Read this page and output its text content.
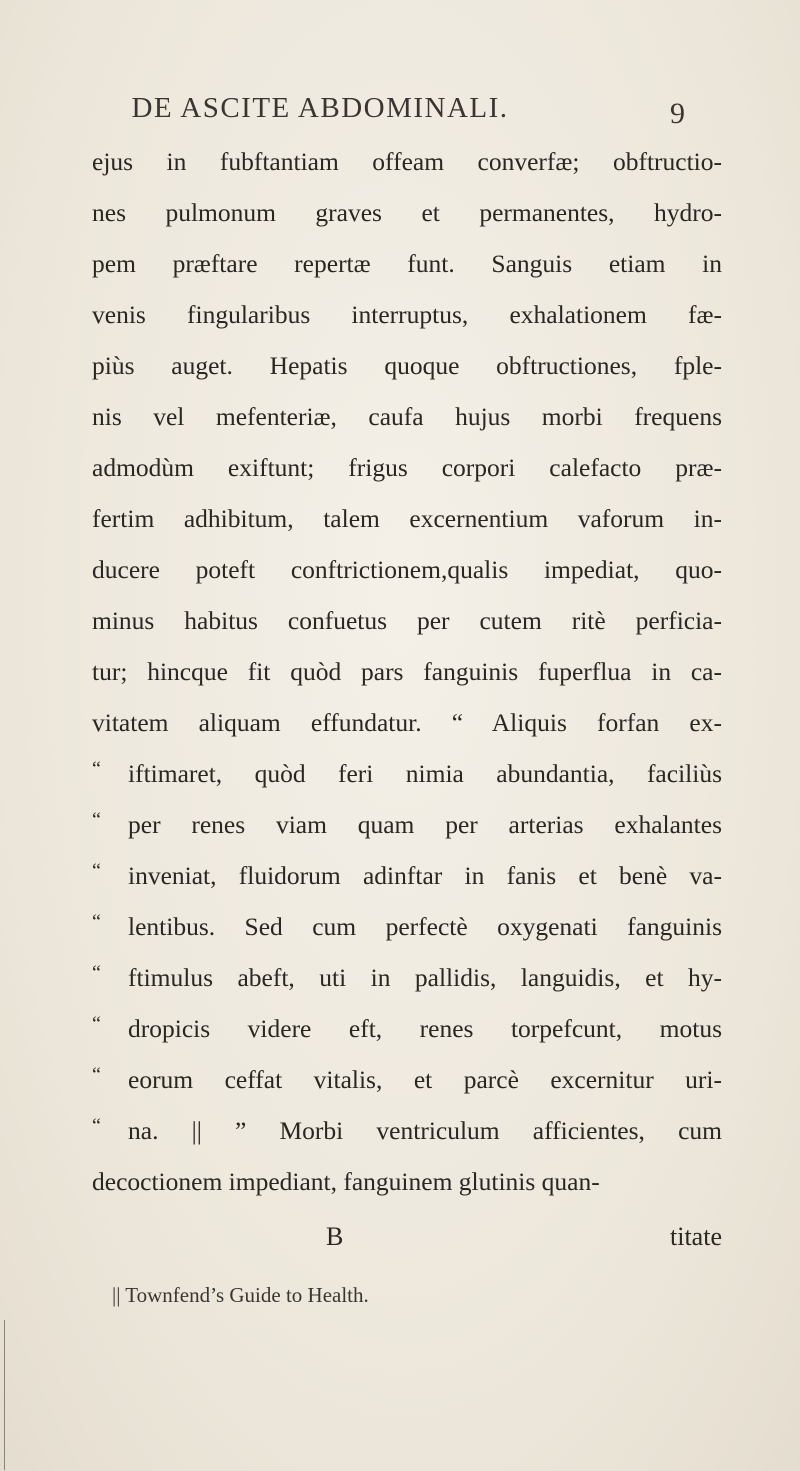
DE ASCITE ABDOMINALI.	9
ejus in fubftantiam offeam converfæ; obftructio-
nes pulmonum graves et permanentes, hydro-
pem præftare repertæ funt. Sanguis etiam in
venis fingularibus interruptus, exhalationem fæ-
piùs auget. Hepatis quoque obftructiones, fple-
nis vel mefenteriæ, caufa hujus morbi frequens
admodùm exiftunt; frigus corpori calefacto præ-
fertim adhibitum, talem excernentium vaforum in-
ducere poteft conftrictionem,qualis impediat, quo-
minus habitus confuetus per cutem ritè perficia-
tur; hincque fit quòd pars fanguinis fuperflua in ca-
vitatem aliquam effundatur. “ Aliquis forfan ex-
“ iftimaret, quòd feri nimia abundantia, faciliùs
“ per renes viam quam per arterias exhalantes
“ inveniat, fluidorum adinftar in fanis et benè va-
“ lentibus. Sed cum perfectè oxygenati fanguinis
“ ftimulus abeft, uti in pallidis, languidis, et hy-
“ dropicis videre eft, renes torpefcunt, motus
“ eorum ceffat vitalis, et parcè excernitur uri-
“ na. || ” Morbi ventriculum afficientes, cum
decoctionem impediant, fanguinem glutinis quan-
B	titate
|| Townfend’s Guide to Health.
